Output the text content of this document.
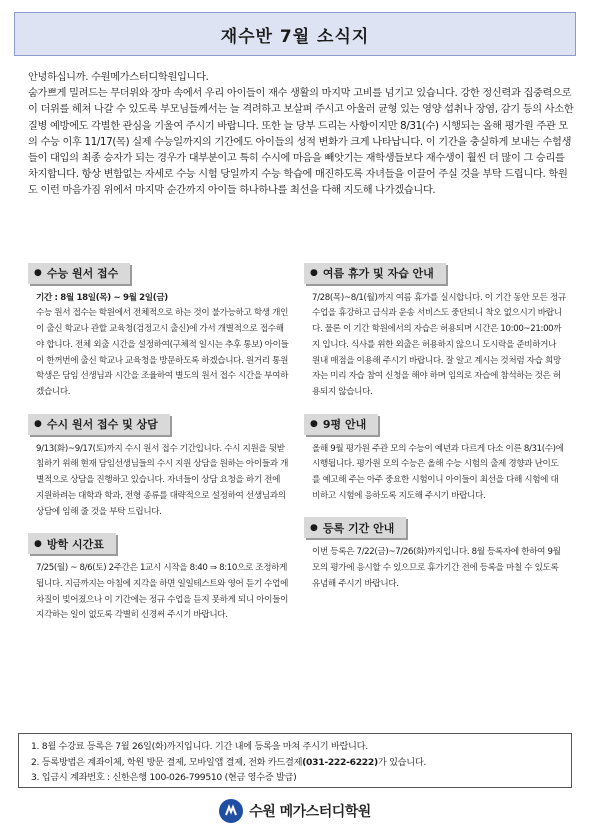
재수반 7월 소식지

안녕하십니까. 수원메가스터디학원입니다.

숨가쁘게 밀려드는 무더위와 장마 속에서 우리 아이들이 재수 생활의 마지막 고비를 넘기고 있습니다. 강한 정신력과 집중력으로 이 더위를 헤쳐 나갈 수 있도록 부모님들께서는 늘 격려하고 보살펴 주시고 아울러 균형 있는 영양 섭취나 장염, 감기 등의 사소한 질병 예방에도 각별한 관심을 기울여 주시기 바랍니다. 또한 늘 당부 드리는 사항이지만 8/31(수) 시행되는 올해 평가원 주관 모의 수능 이후 11/17(목) 실제 수능일까지의 기간에도 아이들의 성적 변화가 크게 나타납니다. 이 기간을 충실하게 보내는 수험생들이 대입의 최종 승자가 되는 경우가 대부분이고 특히 수시에 마음을 빼앗기는 재학생들보다 재수생이 훨씬 더 많이 그 승리를 차지합니다. 항상 변함없는 자세로 수능 시험 당일까지 수능 학습에 매진하도록 자녀들을 이끌어 주실 것을 부탁 드립니다. 학원도 이런 마음가짐 위에서 마지막 순간까지 아이들 하나하나를 최선을 다해 지도해 나가겠습니다.

● 수능 원서 접수
기간 : 8월 18일(목) ~ 9월 2일(금)
수능 원서 접수는 학원에서 전체적으로 하는 것이 불가능하고 학생 개인이 출신 학교나 관할 교육청(검정고시 출신)에 가서 개별적으로 접수해야 합니다. 전체 외출 시간을 설정하여(구체적 일시는 추후 통보) 아이들이 한꺼번에 출신 학교나 교육청을 방문하도록 하겠습니다. 원거리 통원 학생은 담임 선생님과 시간을 조율하여 별도의 원서 접수 시간을 부여하겠습니다.
● 수시 원서 접수 및 상담
9/13(화)~9/17(토)까지 수시 원서 접수 기간입니다. 수시 지원을 뒷받침하기 위해 현재 담임선생님들의 수시 지원 상담을 원하는 아이들과 개별적으로 상담을 진행하고 있습니다. 자녀들이 상담 요청을 하기 전에 지원하려는 대학과 학과, 전형 종류를 대략적으로 설정하여 선생님과의 상담에 임해 줄 것을 부탁 드립니다.
● 방학 시간표
7/25(월) ~ 8/6(토) 2주간은 1교시 시작을 8:40 ⇒ 8:10으로 조정하게 됩니다. 지금까지는 아침에 지각을 하면 일일테스트와 영어 듣기 수업에 차질이 빚어졌으나 이 기간에는 정규 수업을 듣지 못하게 되니 아이들이 지각하는 일이 없도록 각별히 신경써 주시기 바랍니다.
● 여름 휴가 및 자습 안내
7/28(목)~8/1(월)까지 여름 휴가를 실시합니다. 이 기간 동안 모든 정규 수업을 휴강하고 급식과 운송 서비스도 중단되니 착오 없으시기 바랍니다. 물론 이 기간 학원에서의 자습은 허용되며 시간은 10:00~21:00까지 입니다. 식사를 위한 외출은 허용하지 않으니 도시락을 준비하거나 원내 매점을 이용해 주시기 바랍니다. 잘 알고 계시는 것처럼 자습 희망자는 미리 자습 참여 신청을 해야 하며 임의로 자습에 참석하는 것은 허용되지 않습니다.
● 9평 안내
올해 9월 평가원 주관 모의 수능이 예년과 다르게 다소 이른 8/31(수)에 시행됩니다. 평가원 모의 수능은 올해 수능 시험의 출제 경향과 난이도를 예고해 주는 아주 중요한 시험이니 아이들이 최선을 다해 시험에 대비하고 시험에 응하도록 지도해 주시기 바랍니다.
● 등록 기간 안내
이번 등록은 7/22(금)~7/26(화)까지입니다. 8월 등록자에 한하여 9월 모의 평가에 응시할 수 있으므로 휴가기간 전에 등록을 마칠 수 있도록 유념해 주시기 바랍니다.
1. 8월 수강료 등록은 7월 26일(화)까지입니다. 기간 내에 등록을 마쳐 주시기 바랍니다.
2. 등록방법은 계좌이체, 학원 방문 결제, 모바일앱 결제, 전화 카드결제(031-222-6222)가 있습니다.
3. 입금시 계좌번호 : 신한은행 100-026-799510 (현금 영수증 발급)
수원 메가스터디학원
